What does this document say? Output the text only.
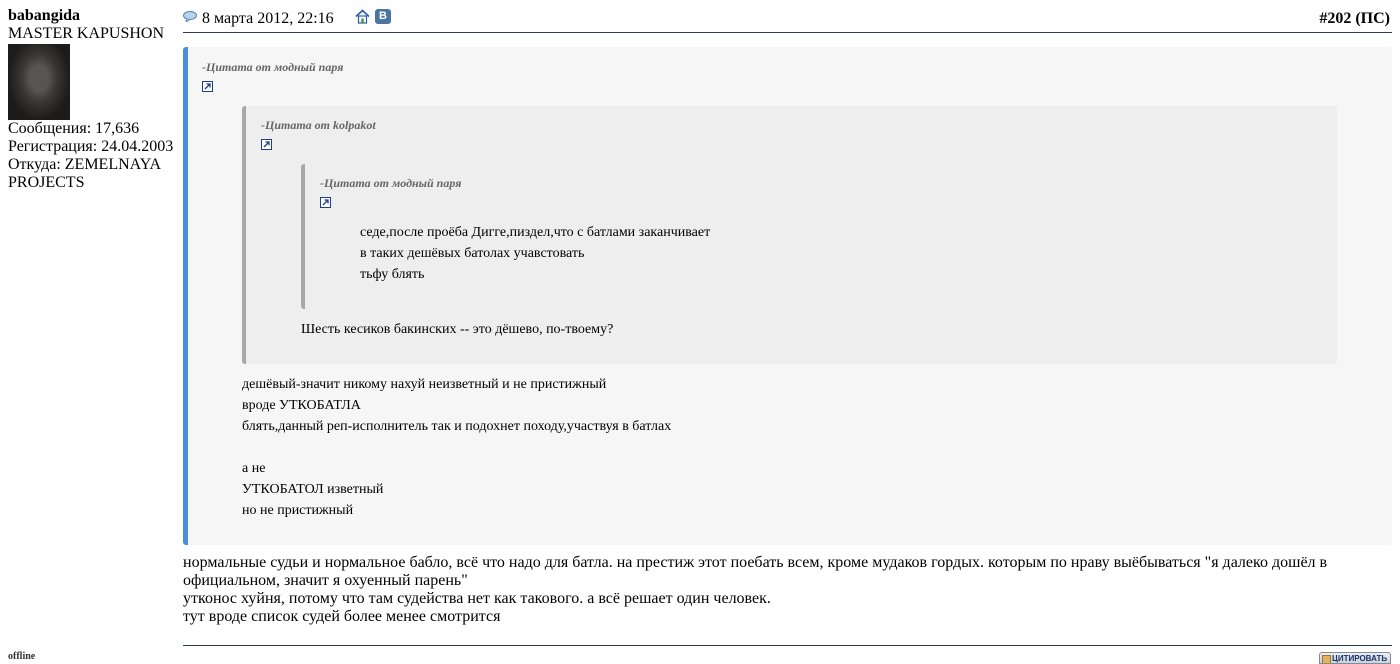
babangida
MASTER KAPUSHON
Сообщения: 17,636
Регистрация: 24.04.2003
Откуда: ZEMELNAYA
PROJECTS
offline
8 марта 2012, 22:16	В	#202 (ПС)
-Цитата от модный паря
-Цитата от kolpakot
-Цитата от модный паря
седе,после проёба Дигге,пиздел,что с батлами заканчивает
в таких дешёвых батолах учавстовать
тьфу блять
Шесть кесиков бакинских -- это дёшево, по-твоему?
дешёвый-значит никому нахуй неизветный и не пристижный
вроде УТКОБАТЛА
блять,данный реп-исполнитель так и подохнет походу,участвуя в батлах
а не
УТКОБАТОЛ изветный
но не пристижный
нормальные судьи и нормальное бабло, всё что надо для батла. на престиж этот поебать всем, кроме мудаков гордых. которым по нраву выёбываться "я далеко дошёл в официальном, значит я охуенный парень"
утконос хуйня, потому что там судейства нет как такового. а всё решает один человек.
тут вроде список судей более менее смотрится
ЦИТИРОВАТЬ
